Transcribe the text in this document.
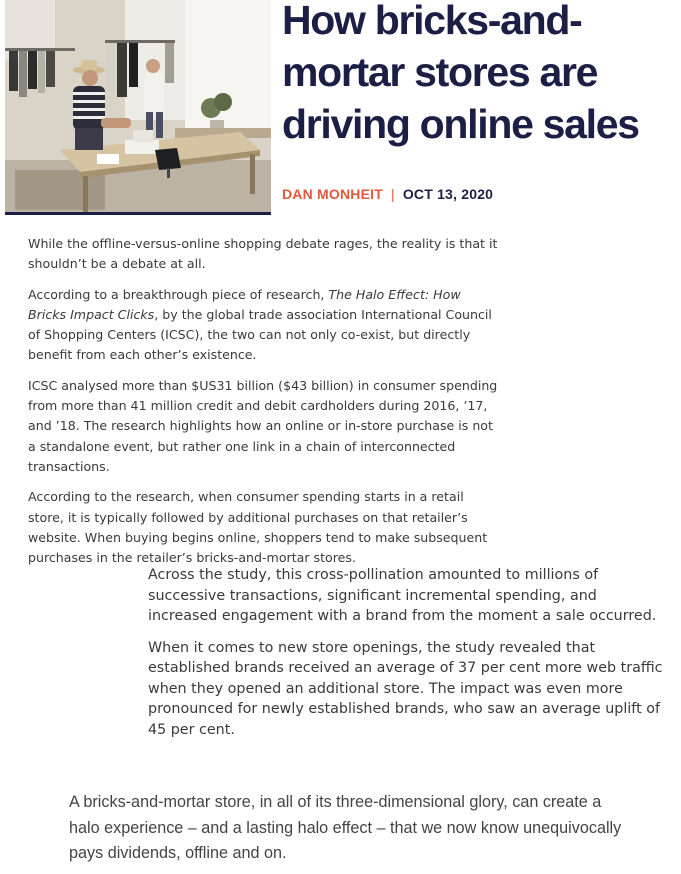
How bricks-and-mortar stores are driving online sales
DAN MONHEIT | OCT 13, 2020

While the offline-versus-online shopping debate rages, the reality is that it shouldn’t be a debate at all.

According to a breakthrough piece of research, The Halo Effect: How Bricks Impact Clicks, by the global trade association International Council of Shopping Centers (ICSC), the two can not only co-exist, but directly benefit from each other’s existence.

ICSC analysed more than $US31 billion ($43 billion) in consumer spending from more than 41 million credit and debit cardholders during 2016, ’17, and ’18. The research highlights how an online or in-store purchase is not a standalone event, but rather one link in a chain of interconnected transactions.

According to the research, when consumer spending starts in a retail store, it is typically followed by additional purchases on that retailer’s website. When buying begins online, shoppers tend to make subsequent purchases in the retailer’s bricks-and-mortar stores.

Across the study, this cross-pollination amounted to millions of successive transactions, significant incremental spending, and increased engagement with a brand from the moment a sale occurred.

When it comes to new store openings, the study revealed that established brands received an average of 37 per cent more web traffic when they opened an additional store. The impact was even more pronounced for newly established brands, who saw an average uplift of 45 per cent.

A bricks-and-mortar store, in all of its three-dimensional glory, can create a halo experience – and a lasting halo effect – that we now know unequivocally pays dividends, offline and on.
